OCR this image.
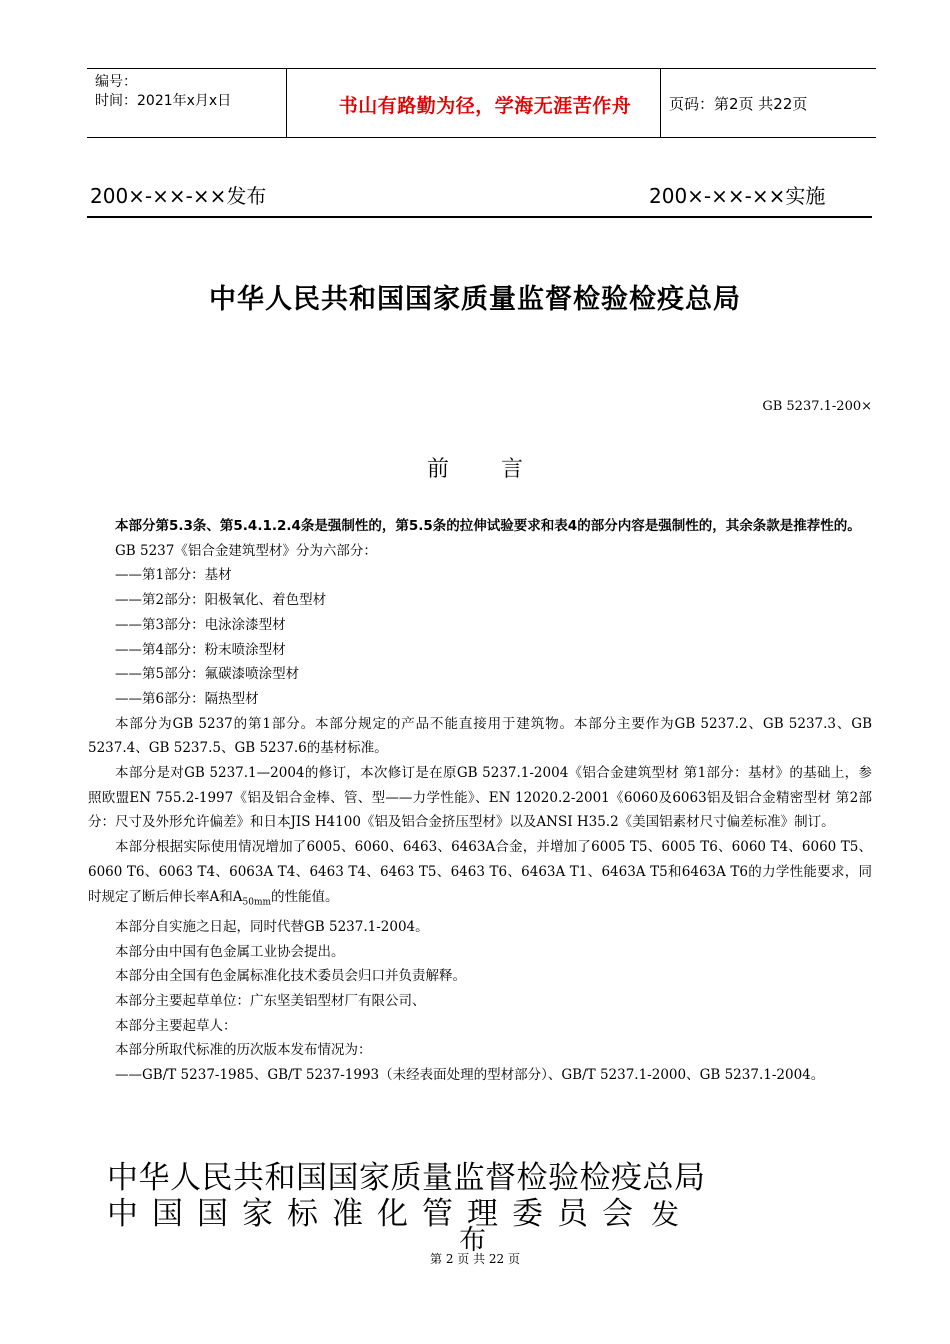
编号：
时间：2021年x月x日	书山有路勤为径，学海无涯苦作舟	页码：第2页 共22页
200×-××-××发布	200×-××-××实施
中华人民共和国国家质量监督检验检疫总局
GB 5237.1-200×
前 言

本部分第5.3条、第5.4.1.2.4条是强制性的，第5.5条的拉伸试验要求和表4的部分内容是强制性的，其余条款是推荐性的。

GB 5237《铝合金建筑型材》分为六部分：

——第1部分：基材

——第2部分：阳极氧化、着色型材

——第3部分：电泳涂漆型材

——第4部分：粉末喷涂型材

——第5部分：氟碳漆喷涂型材

——第6部分：隔热型材

本部分为GB 5237的第1部分。本部分规定的产品不能直接用于建筑物。本部分主要作为GB 5237.2、GB 5237.3、GB 5237.4、GB 5237.5、GB 5237.6的基材标准。

本部分是对GB 5237.1—2004的修订，本次修订是在原GB 5237.1-2004《铝合金建筑型材 第1部分：基材》的基础上，参照欧盟EN 755.2-1997《铝及铝合金棒、管、型——力学性能》、EN 12020.2-2001《6060及6063铝及铝合金精密型材 第2部分：尺寸及外形允许偏差》和日本JIS H4100《铝及铝合金挤压型材》以及ANSI H35.2《美国铝素材尺寸偏差标准》制订。

本部分根据实际使用情况增加了6005、6060、6463、6463A合金，并增加了6005 T5、6005 T6、6060 T4、6060 T5、6060 T6、6063 T4、6063A T4、6463 T4、6463 T5、6463 T6、6463A T1、6463A T5和6463A T6的力学性能要求，同时规定了断后伸长率A和$A_{50mm}$的性能值。

本部分自实施之日起，同时代替GB 5237.1-2004。

本部分由中国有色金属工业协会提出。

本部分由全国有色金属标准化技术委员会归口并负责解释。

本部分主要起草单位：广东坚美铝型材厂有限公司、

本部分主要起草人：

本部分所取代标准的历次版本发布情况为：

——GB/T 5237-1985、GB/T 5237-1993（未经表面处理的型材部分）、GB/T 5237.1-2000、GB 5237.1-2004。

中华人民共和国国家质量监督检验检疫总局
中国国家标准化管理委员会 发
布
第 2 页 共 22 页
